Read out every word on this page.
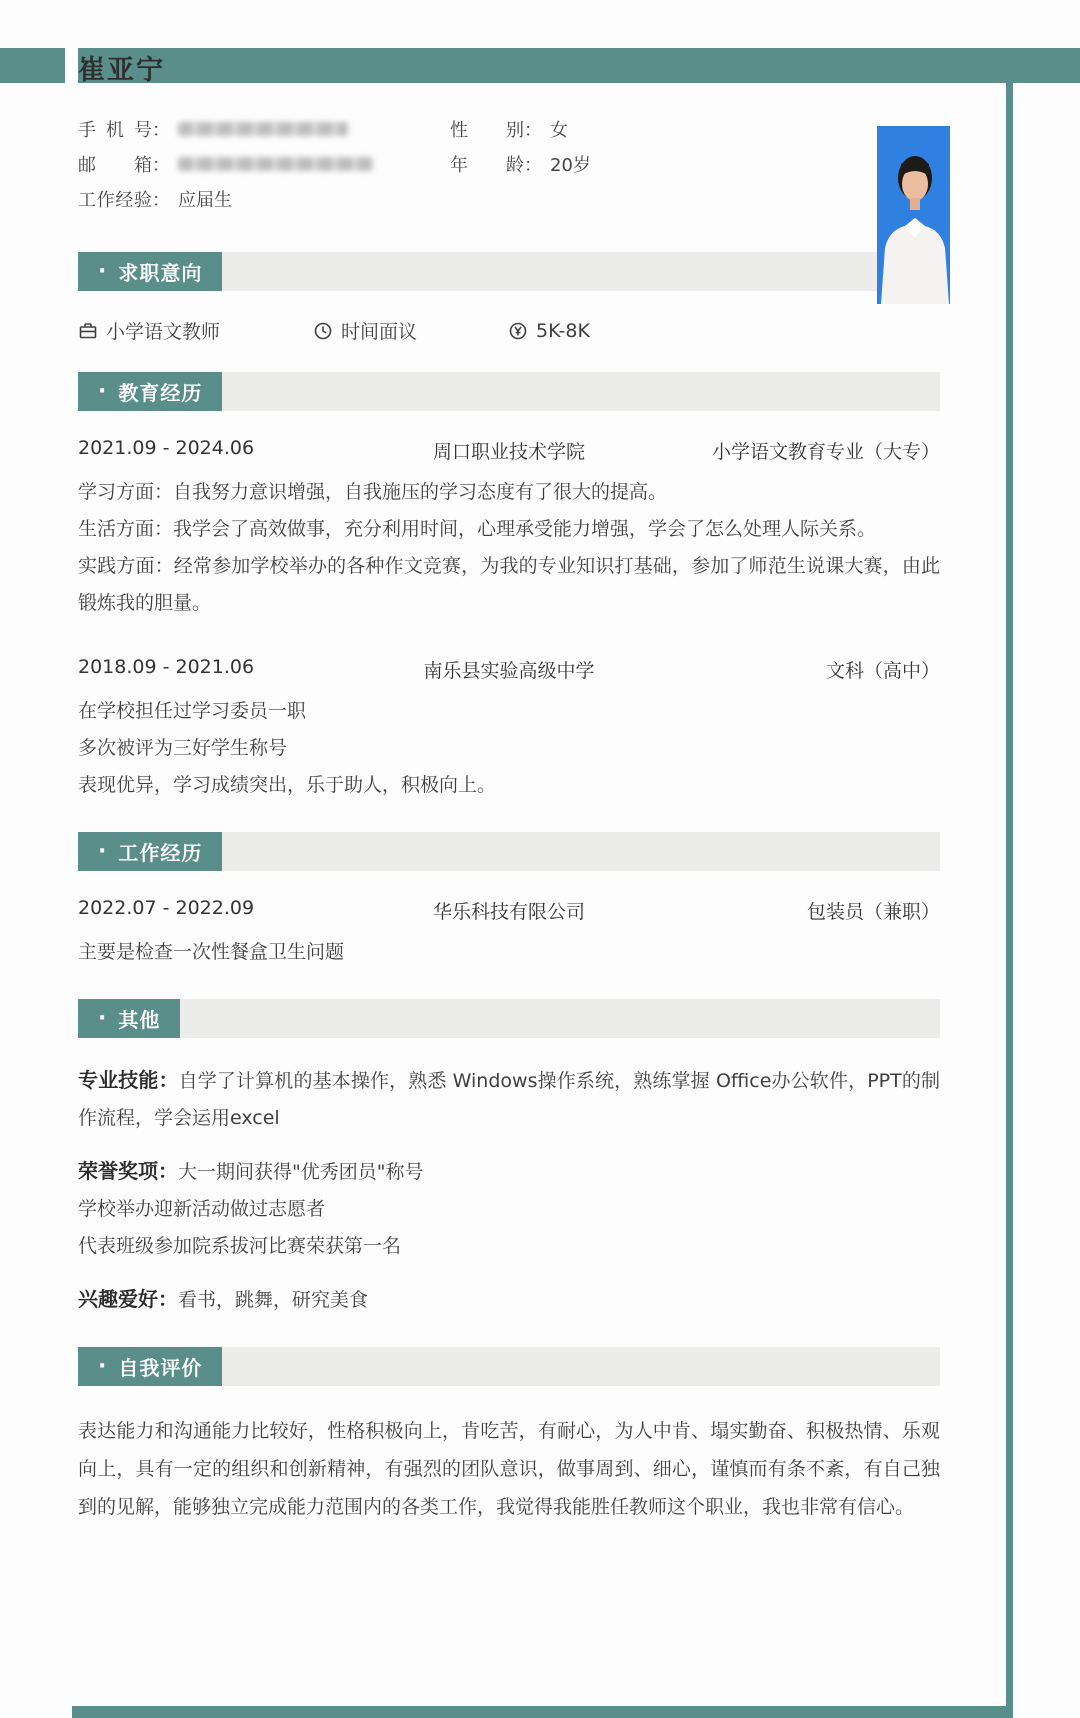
崔亚宁
手机号 ：	性别 ： 女
邮箱 ：	年龄 ： 20岁
工作经验 ： 应届生
· 求职意向
小学语文教师	时间面议	5K-8K
· 教育经历
2021.09 - 2024.06	周口职业技术学院	小学语文教育专业（大专）
学习方面：自我努力意识增强，自我施压的学习态度有了很大的提高。
生活方面：我学会了高效做事，充分利用时间，心理承受能力增强，学会了怎么处理人际关系。
实践方面：经常参加学校举办的各种作文竞赛，为我的专业知识打基础，参加了师范生说课大赛，由此锻炼我的胆量。
2018.09 - 2021.06	南乐县实验高级中学	文科（高中）
在学校担任过学习委员一职
多次被评为三好学生称号
表现优异，学习成绩突出，乐于助人，积极向上。
· 工作经历
2022.07 - 2022.09	华乐科技有限公司	包装员（兼职）
主要是检查一次性餐盒卫生问题
· 其他
专业技能：自学了计算机的基本操作，熟悉 Windows操作系统，熟练掌握 Office办公软件，PPT的制作流程，学会运用excel
荣誉奖项：大一期间获得"优秀团员"称号
学校举办迎新活动做过志愿者
代表班级参加院系拔河比赛荣获第一名
兴趣爱好：看书，跳舞，研究美食
· 自我评价
表达能力和沟通能力比较好，性格积极向上，肯吃苦，有耐心，为人中肯、塌实勤奋、积极热情、乐观向上，具有一定的组织和创新精神，有强烈的团队意识，做事周到、细心，谨慎而有条不紊，有自己独到的见解，能够独立完成能力范围内的各类工作，我觉得我能胜任教师这个职业，我也非常有信心。
